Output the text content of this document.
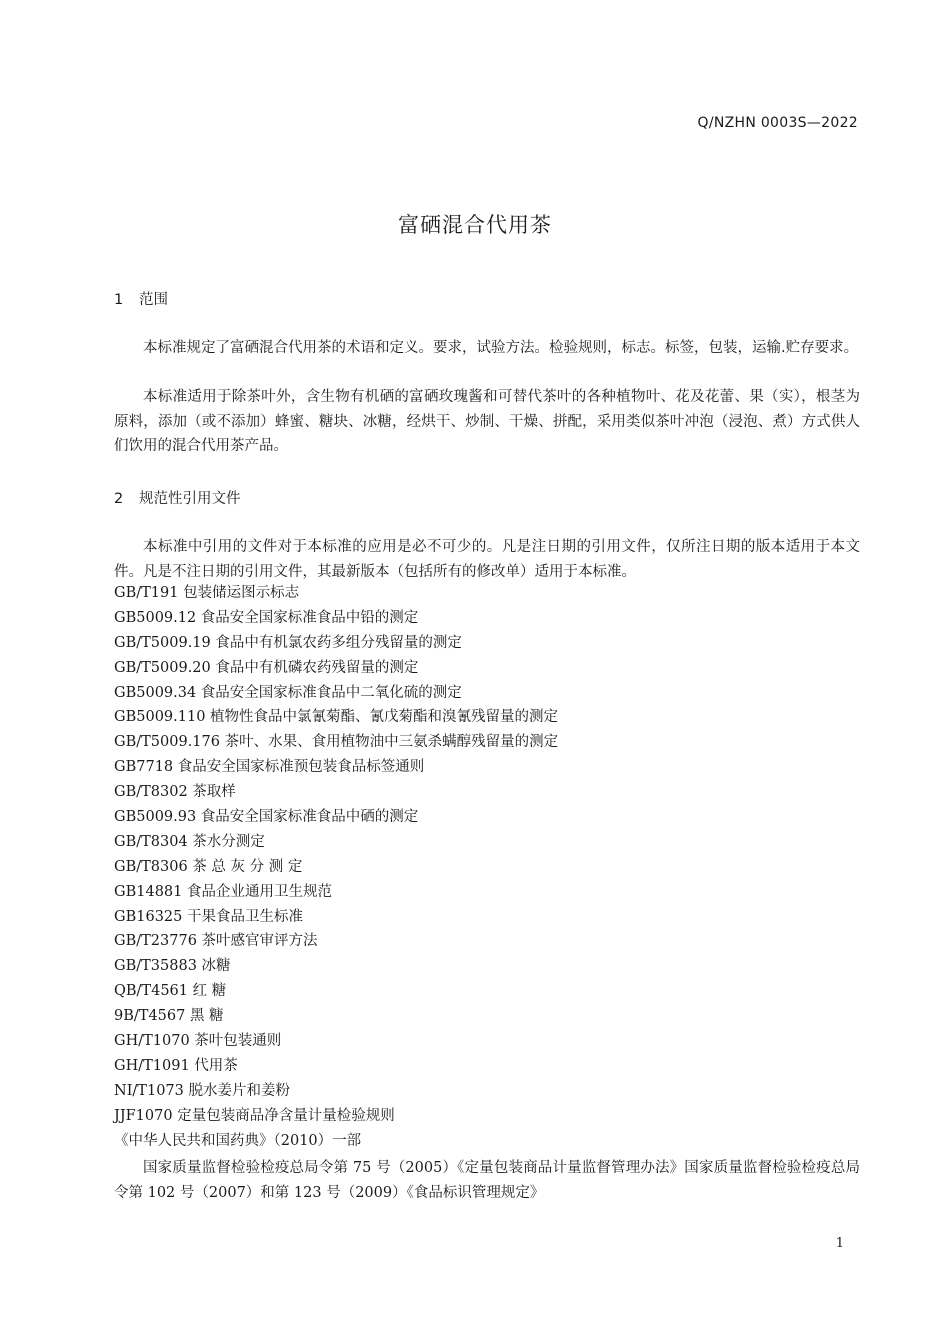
Q/NZHN 0003S—2022
富硒混合代用茶
1 范围
本标准规定了富硒混合代用茶的术语和定义。要求，试验方法。检验规则，标志。标签，包装，运输.贮存要求。
本标准适用于除茶叶外，含生物有机硒的富硒玫瑰酱和可替代茶叶的各种植物叶、花及花蕾、果（实），根茎为原料，添加（或不添加）蜂蜜、糖块、冰糖，经烘干、炒制、干燥、拼配，采用类似茶叶冲泡（浸泡、煮）方式供人们饮用的混合代用茶产品。
2 规范性引用文件
本标准中引用的文件对于本标准的应用是必不可少的。凡是注日期的引用文件，仅所注日期的版本适用于本文件。凡是不注日期的引用文件，其最新版本（包括所有的修改单）适用于本标准。
GB/T191 包装储运图示标志
GB5009.12 食品安全国家标准食品中铅的测定
GB/T5009.19 食品中有机氯农药多组分残留量的测定
GB/T5009.20 食品中有机磷农药残留量的测定
GB5009.34 食品安全国家标准食品中二氧化硫的测定
GB5009.110 植物性食品中氯氰菊酯、氰戊菊酯和溴氰残留量的测定
GB/T5009.176 茶叶、水果、食用植物油中三氨杀螨醇残留量的测定
GB7718 食品安全国家标准预包装食品标签通则
GB/T8302 茶取样
GB5009.93 食品安全国家标准食品中硒的测定
GB/T8304 茶水分测定
GB/T8306 茶 总 灰 分 测 定
GB14881 食品企业通用卫生规范
GB16325 干果食品卫生标准
GB/T23776 茶叶感官审评方法
GB/T35883 冰糖
QB/T4561 红 糖
9B/T4567 黑 糖
GH/T1070 茶叶包装通则
GH/T1091 代用茶
NI/T1073 脱水姜片和姜粉
JJF1070 定量包装商品净含量计量检验规则
《中华人民共和国药典》（2010）一部
国家质量监督检验检疫总局令第 75 号（2005）《定量包装商品计量监督管理办法》国家质量监督检验检疫总局令第 102 号（2007）和第 123 号（2009）《食品标识管理规定》
1
